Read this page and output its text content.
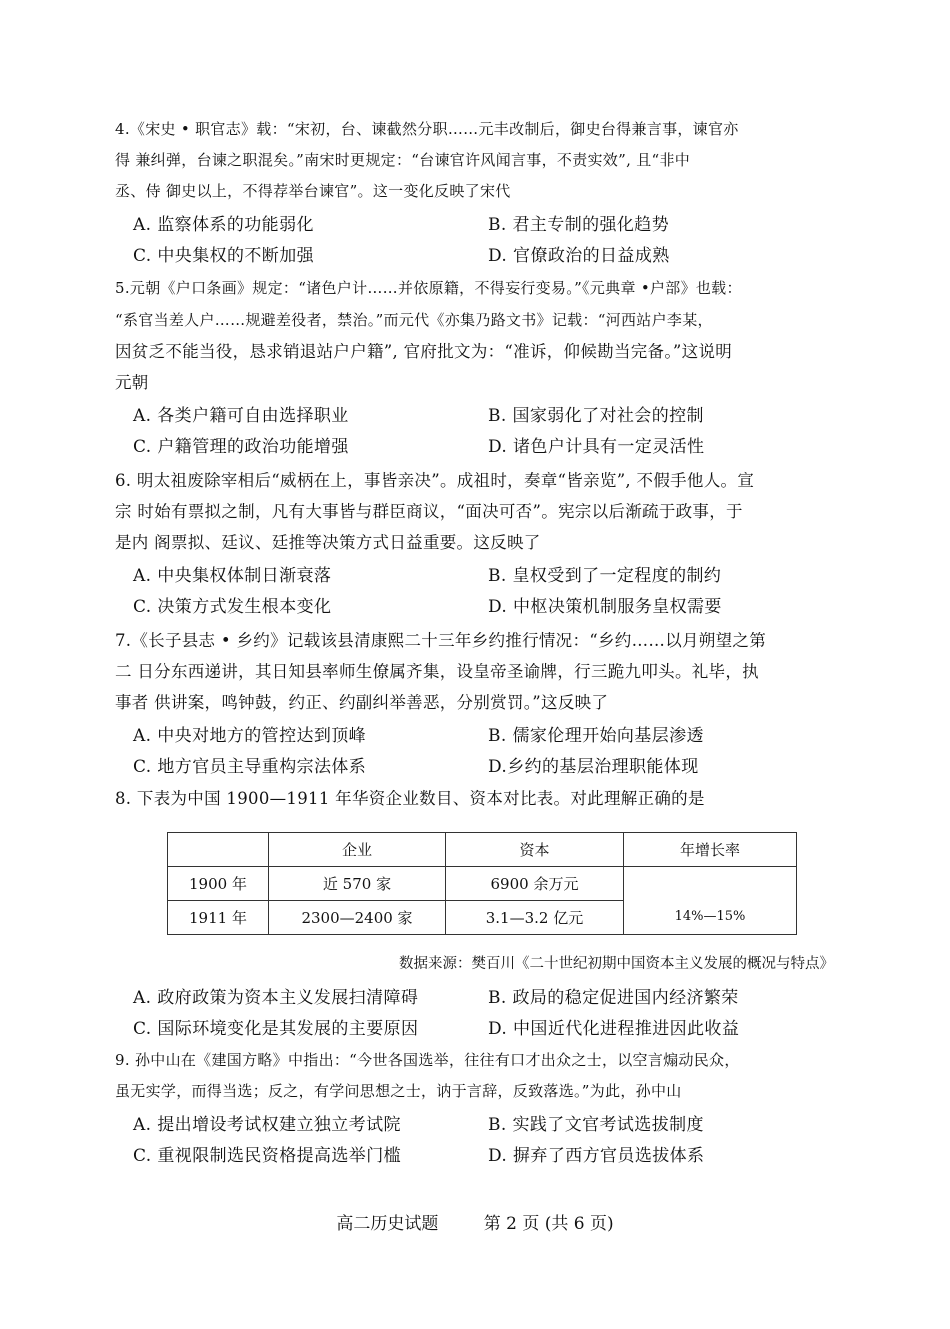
4.《宋史 • 职官志》载：“宋初，台、谏截然分职……元丰改制后，御史台得兼言事，谏官亦
得 兼纠弹，台谏之职混矣。”南宋时更规定：“台谏官许风闻言事，不责实效”, 且“非中
丞、侍 御史以上，不得荐举台谏官”。这一变化反映了宋代

A. 监察体系的功能弱化	B. 君主专制的强化趋势
C. 中央集权的不断加强	D. 官僚政治的日益成熟

5.元朝《户口条画》规定：“诸色户计……并依原籍，不得妄行变易。”《元典章 •户部》也载：
“系官当差人户……规避差役者，禁治。”而元代《亦集乃路文书》记载：“河西站户李某，
因贫乏不能当役，恳求销退站户户籍”, 官府批文为：“准诉，仰候勘当完备。”这说明
元朝

A. 各类户籍可自由选择职业	B. 国家弱化了对社会的控制
C. 户籍管理的政治功能增强	D. 诸色户计具有一定灵活性

6. 明太祖废除宰相后“威柄在上，事皆亲决”。成祖时，奏章“皆亲览”, 不假手他人。宣
宗 时始有票拟之制，凡有大事皆与群臣商议，“面决可否”。宪宗以后渐疏于政事，于
是内 阁票拟、廷议、廷推等决策方式日益重要。这反映了

A. 中央集权体制日渐衰落	B. 皇权受到了一定程度的制约
C. 决策方式发生根本变化	D. 中枢决策机制服务皇权需要

7.《长子县志 • 乡约》记载该县清康熙二十三年乡约推行情况：“乡约……以月朔望之第
二 日分东西递讲，其日知县率师生僚属齐集，设皇帝圣谕牌，行三跪九叩头。礼毕，执
事者 供讲案，鸣钟鼓，约正、约副纠举善恶，分别赏罚。”这反映了

A. 中央对地方的管控达到顶峰	B. 儒家伦理开始向基层渗透
C. 地方官员主导重构宗法体系	D.乡约的基层治理职能体现

8. 下表为中国 1900—1911 年华资企业数目、资本对比表。对此理解正确的是

	企业	资本	年增长率
1900 年	近 570 家	6900 余万元	14%—15%
1911 年	2300—2400 家	3.1—3.2 亿元	
数据来源：樊百川《二十世纪初期中国资本主义发展的概况与特点》
A. 政府政策为资本主义发展扫清障碍	B. 政局的稳定促进国内经济繁荣
C. 国际环境变化是其发展的主要原因	D. 中国近代化进程推进因此收益

9. 孙中山在《建国方略》中指出：“今世各国选举，往往有口才出众之士，以空言煽动民众，
虽无实学，而得当选；反之，有学问思想之士，讷于言辞，反致落选。”为此，孙中山

A. 提出增设考试权建立独立考试院	B. 实践了文官考试选拔制度
C. 重视限制选民资格提高选举门槛	D. 摒弃了西方官员选拔体系
高二历史试题	第 2 页 (共 6 页)
